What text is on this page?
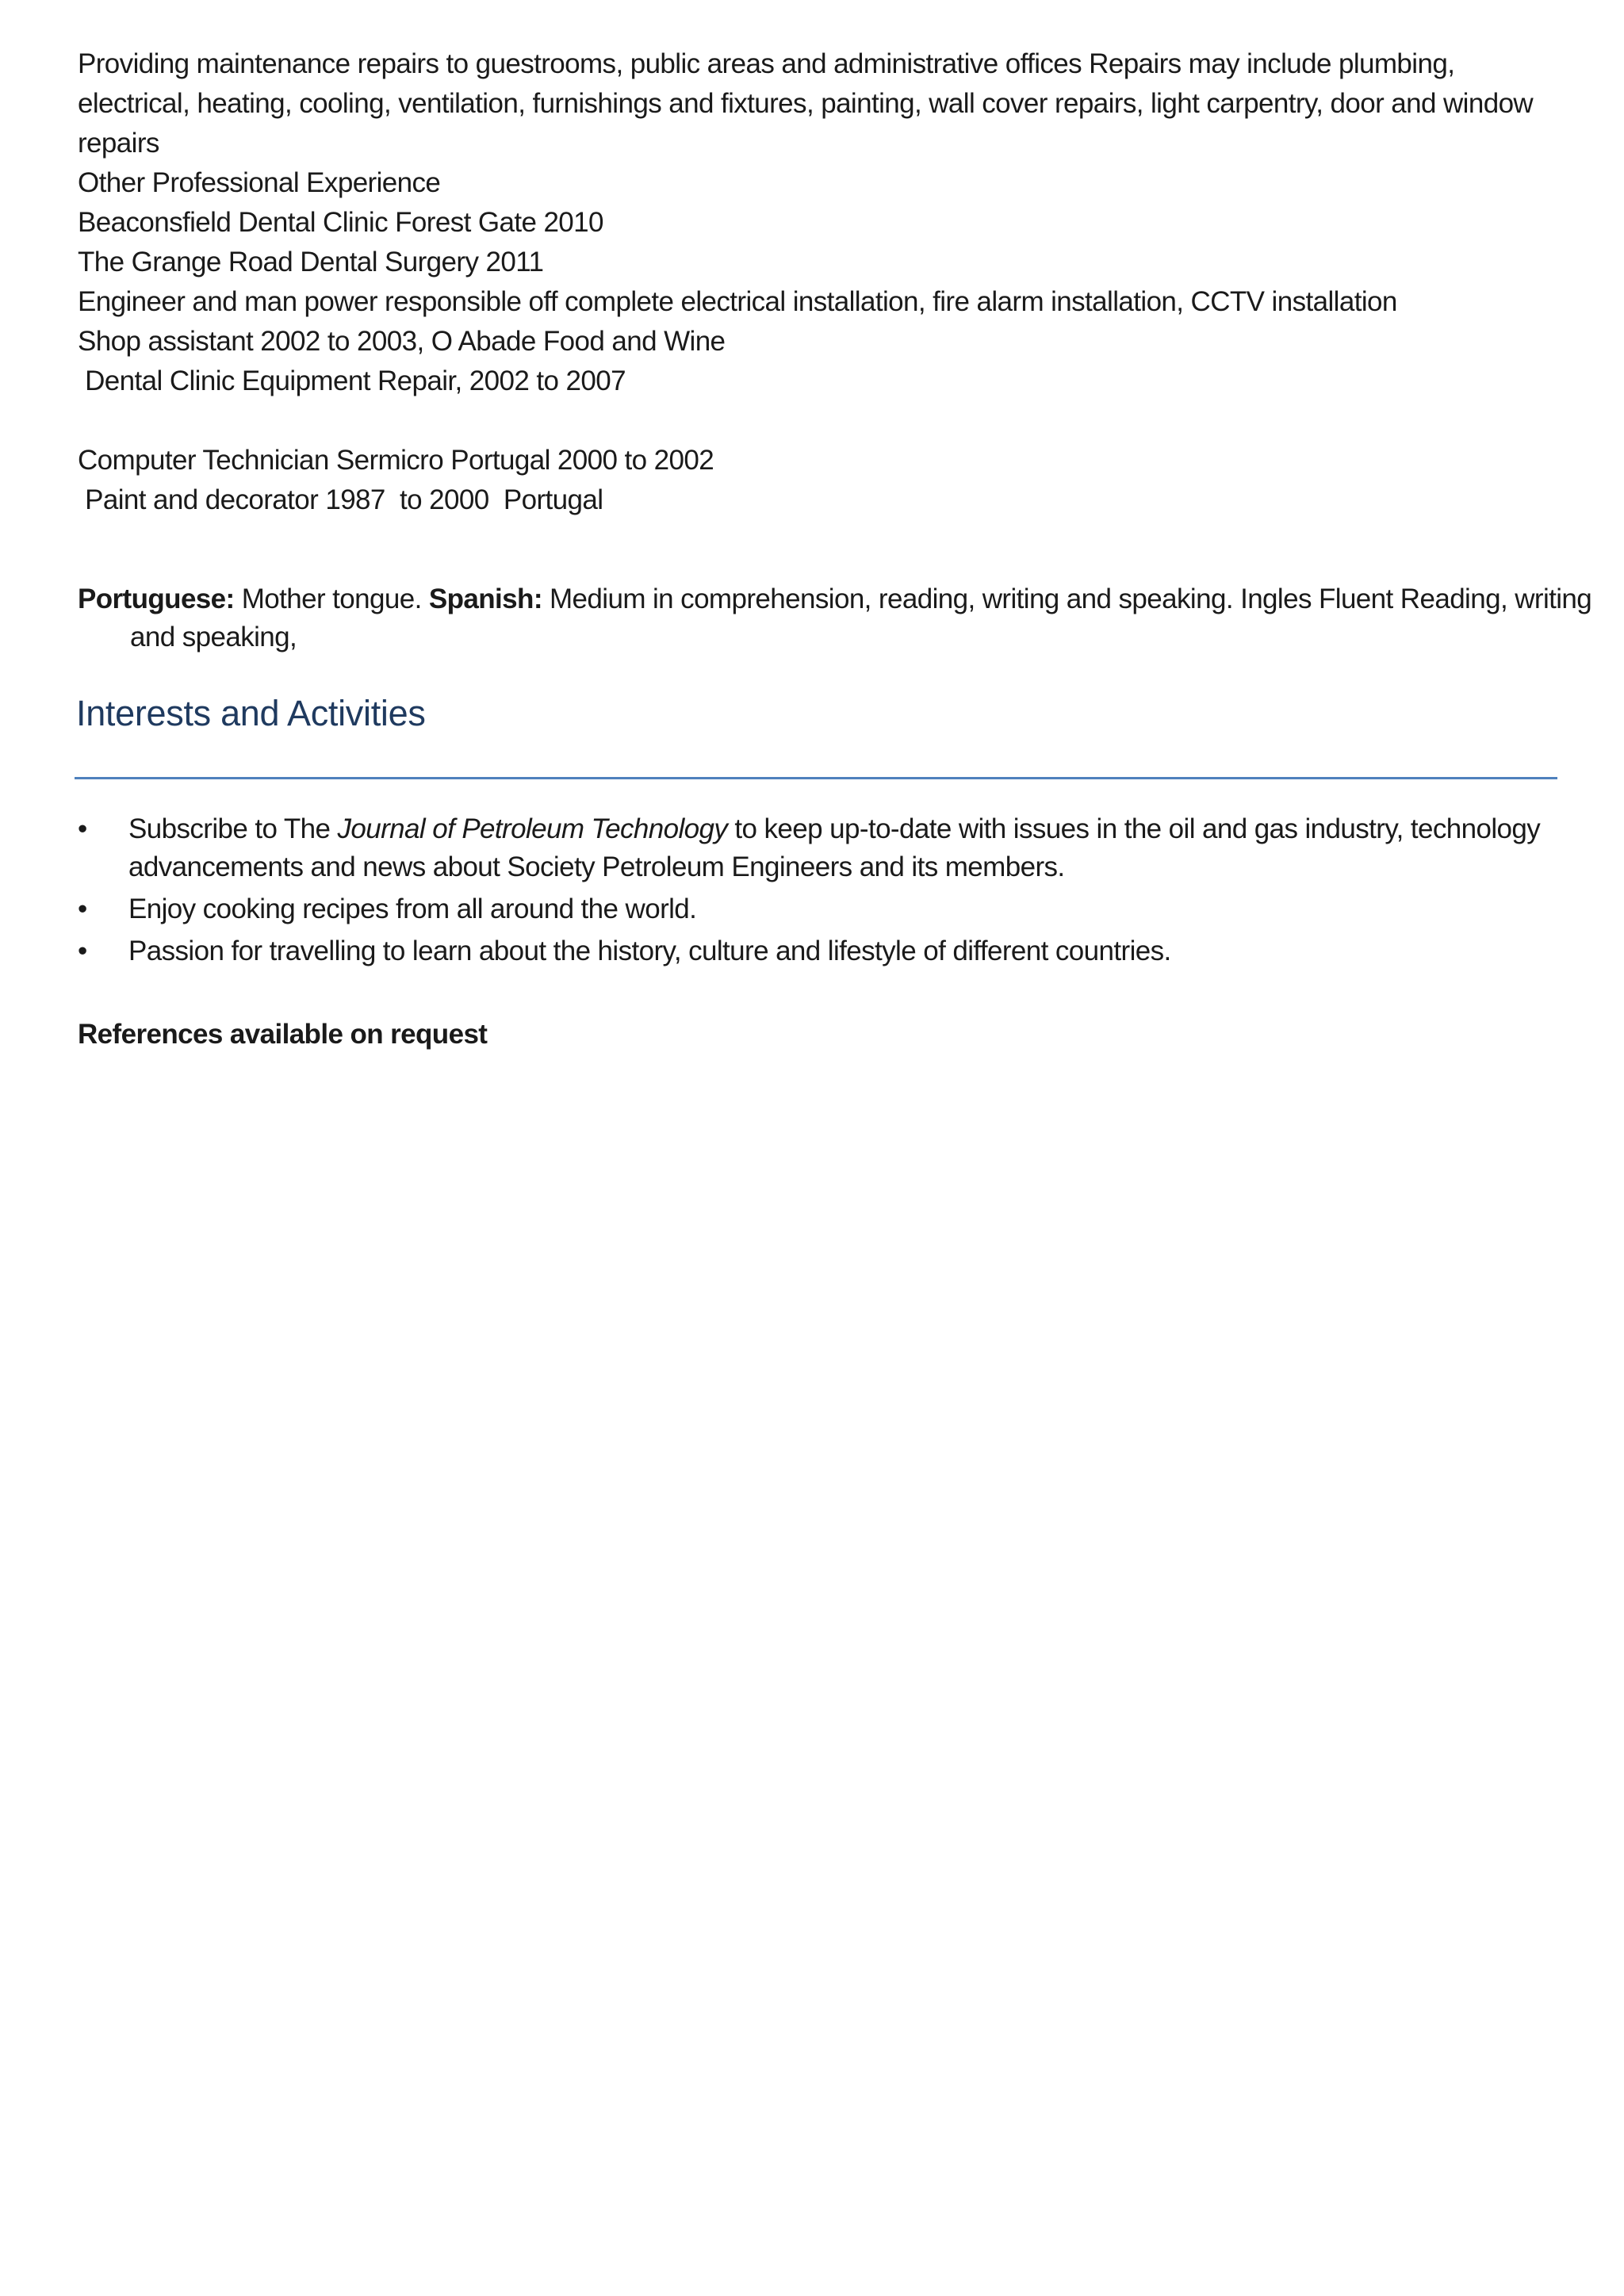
Providing maintenance repairs to guestrooms, public areas and administrative offices Repairs may include plumbing, electrical, heating, cooling, ventilation, furnishings and fixtures, painting, wall cover repairs, light carpentry, door and window repairs
Other Professional Experience
Beaconsfield Dental Clinic Forest Gate 2010
The Grange Road Dental Surgery 2011
Engineer and man power responsible off complete electrical installation, fire alarm installation, CCTV installation
Shop assistant 2002 to 2003, O Abade Food and Wine
Dental Clinic Equipment Repair, 2002 to 2007
Computer Technician Sermicro Portugal 2000 to 2002
Paint and decorator 1987  to 2000  Portugal
Portuguese: Mother tongue. Spanish: Medium in comprehension, reading, writing and speaking. Ingles Fluent Reading, writing and speaking,
Interests and Activities
•	Subscribe to The Journal of Petroleum Technology to keep up-to-date with issues in the oil and gas industry, technology advancements and news about Society Petroleum Engineers and its members.
•	Enjoy cooking recipes from all around the world.
•	Passion for travelling to learn about the history, culture and lifestyle of different countries.
References available on request
